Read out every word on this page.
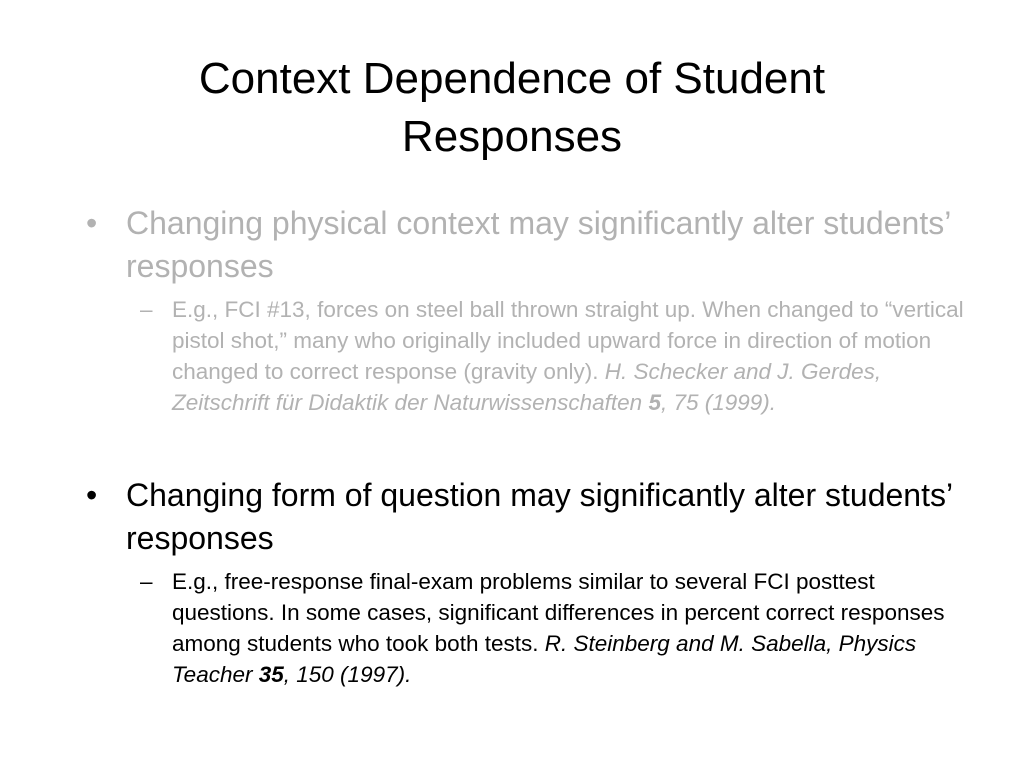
Context Dependence of Student
Responses
• Changing physical context may significantly alter students’ responses
– E.g., FCI #13, forces on steel ball thrown straight up. When changed to “vertical pistol shot,” many who originally included upward force in direction of motion changed to correct response (gravity only). H. Schecker and J. Gerdes, Zeitschrift für Didaktik der Naturwissenschaften 5, 75 (1999).
• Changing form of question may significantly alter students’ responses
– E.g., free-response final-exam problems similar to several FCI posttest questions. In some cases, significant differences in percent correct responses among students who took both tests. R. Steinberg and M. Sabella, Physics Teacher 35, 150 (1997).
